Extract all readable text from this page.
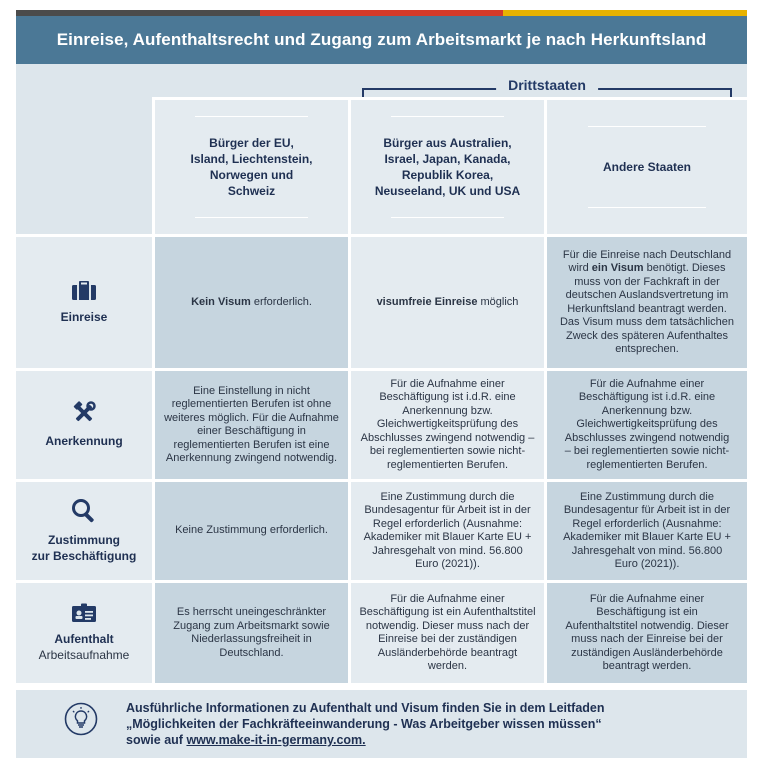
Einreise, Aufenthaltsrecht und Zugang zum Arbeitsmarkt je nach Herkunftsland
Drittstaaten
Bürger der EU,
Island, Liechtenstein,
Norwegen und
Schweiz
Bürger aus Australien,
Israel, Japan, Kanada,
Republik Korea,
Neuseeland, UK und USA
Andere Staaten
Einreise
Kein Visum erforderlich.	visumfreie Einreise möglich
Für die Einreise nach Deutschland wird ein Visum benötigt. Dieses muss von der Fachkraft in der deutschen Auslandsvertretung im Herkunftsland beantragt werden. Das Visum muss dem tatsächlichen Zweck des späteren Aufenthaltes entsprechen.
Anerkennung
Eine Einstellung in nicht reglementierten Berufen ist ohne weiteres möglich. Für die Aufnahme einer Beschäftigung in reglementierten Berufen ist eine Anerkennung zwingend notwendig.
Für die Aufnahme einer Beschäftigung ist i.d.R. eine Anerkennung bzw. Gleichwertigkeitsprüfung des Abschlusses zwingend notwendig – bei reglementierten sowie nicht-reglementierten Berufen.
Für die Aufnahme einer Beschäftigung ist i.d.R. eine Anerkennung bzw. Gleichwertigkeitsprüfung des Abschlusses zwingend notwendig – bei reglementierten sowie nicht-reglementierten Berufen.
Zustimmung
zur Beschäftigung
Keine Zustimmung erforderlich.
Eine Zustimmung durch die Bundesagentur für Arbeit ist in der Regel erforderlich (Ausnahme: Akademiker mit Blauer Karte EU + Jahresgehalt von mind. 56.800 Euro (2021)).
Eine Zustimmung durch die Bundesagentur für Arbeit ist in der Regel erforderlich (Ausnahme: Akademiker mit Blauer Karte EU + Jahresgehalt von mind. 56.800 Euro (2021)).
Aufenthalt
Arbeitsaufnahme
Es herrscht uneingeschränkter Zugang zum Arbeitsmarkt sowie Niederlassungsfreiheit in Deutschland.
Für die Aufnahme einer Beschäftigung ist ein Aufenthaltstitel notwendig. Dieser muss nach der Einreise bei der zuständigen Ausländerbehörde beantragt werden.
Für die Aufnahme einer Beschäftigung ist ein Aufenthaltstitel notwendig. Dieser muss nach der Einreise bei der zuständigen Ausländerbehörde beantragt werden.
Ausführliche Informationen zu Aufenthalt und Visum finden Sie in dem Leitfaden
„Möglichkeiten der Fachkräfteeinwanderung - Was Arbeitgeber wissen müssen“
sowie auf www.make-it-in-germany.com.
